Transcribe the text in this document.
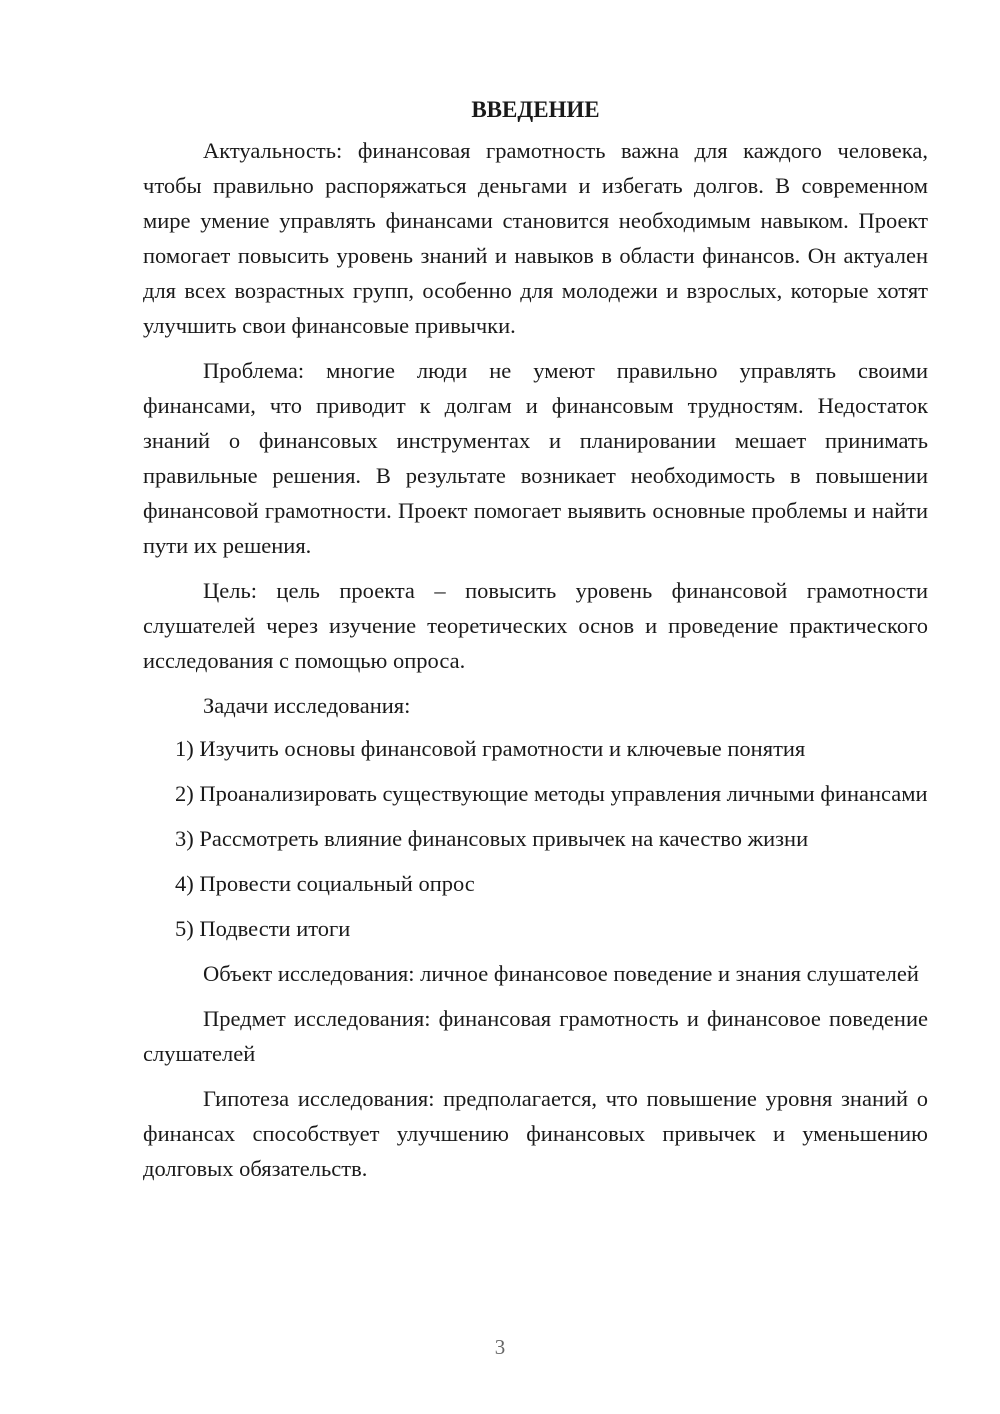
ВВЕДЕНИЕ

Актуальность: финансовая грамотность важна для каждого человека, чтобы правильно распоряжаться деньгами и избегать долгов. В современном мире умение управлять финансами становится необходимым навыком. Проект помогает повысить уровень знаний и навыков в области финансов. Он актуален для всех возрастных групп, особенно для молодежи и взрослых, которые хотят улучшить свои финансовые привычки.

Проблема: многие люди не умеют правильно управлять своими финансами, что приводит к долгам и финансовым трудностям. Недостаток знаний о финансовых инструментах и планировании мешает принимать правильные решения. В результате возникает необходимость в повышении финансовой грамотности. Проект помогает выявить основные проблемы и найти пути их решения.

Цель: цель проекта – повысить уровень финансовой грамотности слушателей через изучение теоретических основ и проведение практического исследования с помощью опроса.

Задачи исследования:

1) Изучить основы финансовой грамотности и ключевые понятия

2) Проанализировать существующие методы управления личными финансами

3) Рассмотреть влияние финансовых привычек на качество жизни

4) Провести социальный опрос

5) Подвести итоги

Объект исследования: личное финансовое поведение и знания слушателей

Предмет исследования: финансовая грамотность и финансовое поведение слушателей

Гипотеза исследования: предполагается, что повышение уровня знаний о финансах способствует улучшению финансовых привычек и уменьшению долговых обязательств.

3
